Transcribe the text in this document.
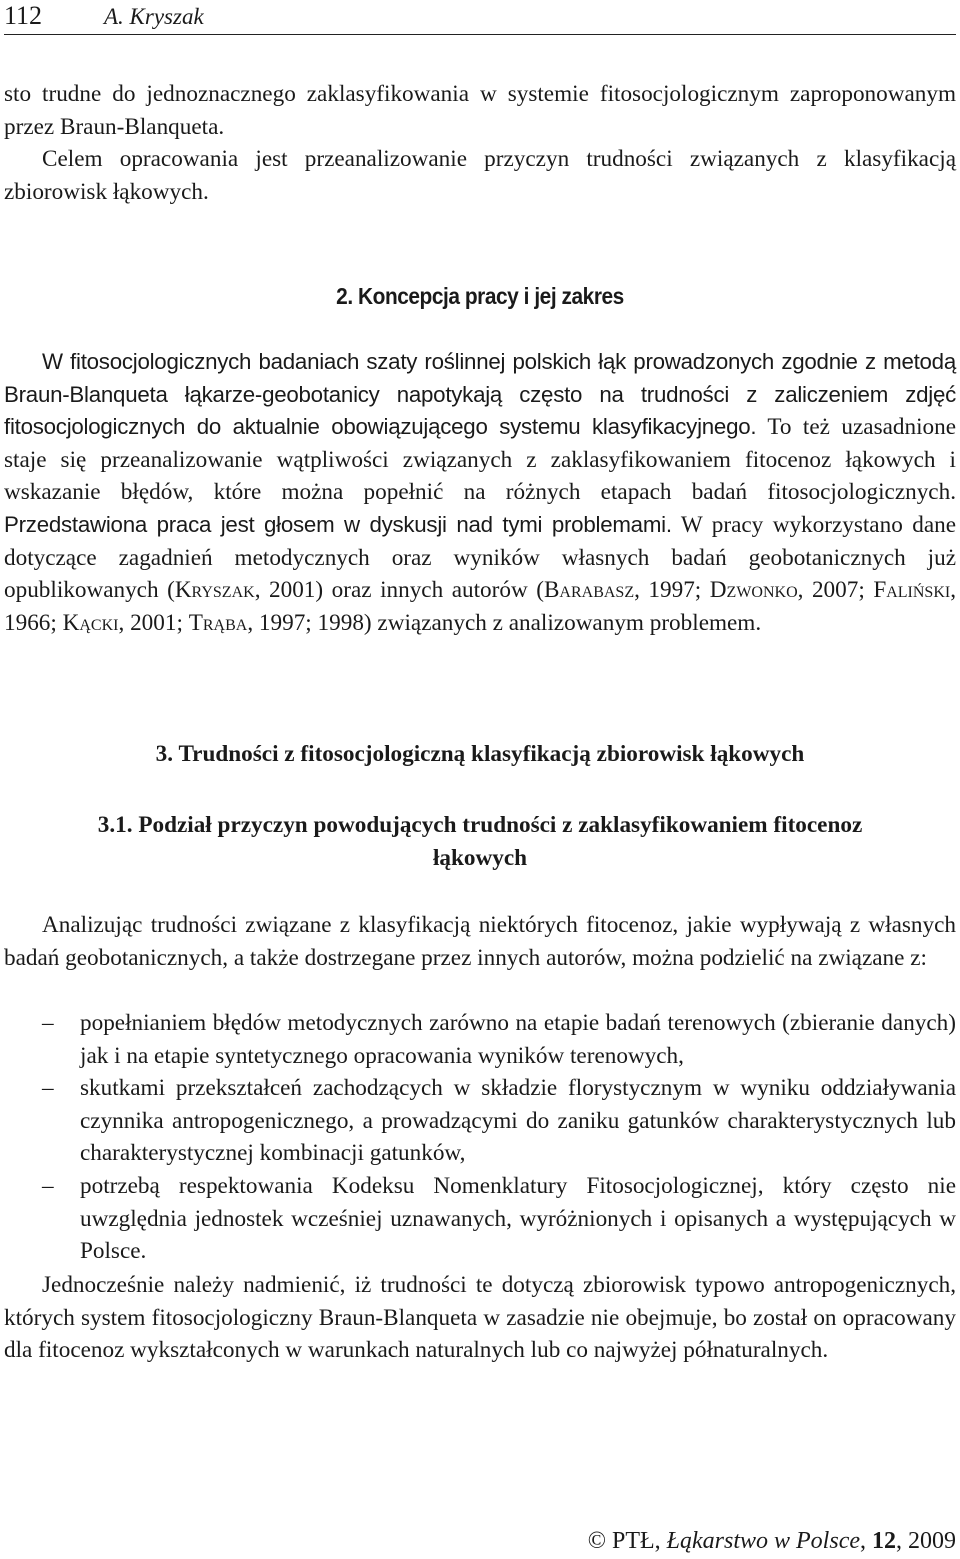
112	A. Kryszak

sto trudne do jednoznacznego zaklasyfikowania w systemie fitosocjologicznym zaproponowanym przez Braun-Blanqueta.

Celem opracowania jest przeanalizowanie przyczyn trudności związanych z klasyfikacją zbiorowisk łąkowych.

2. Koncepcja pracy i jej zakres

W fitosocjologicznych badaniach szaty roślinnej polskich łąk prowadzonych zgodnie z metodą Braun-Blanqueta łąkarze-geobotanicy napotykają często na trudności z zaliczeniem zdjęć fitosocjologicznych do aktualnie obowiązującego systemu klasyfikacyjnego. To też uzasadnione staje się przeanalizowanie wątpliwości związanych z zaklasyfikowaniem fitocenoz łąkowych i wskazanie błędów, które można popełnić na różnych etapach badań fitosocjologicznych. Przedstawiona praca jest głosem w dyskusji nad tymi problemami. W pracy wykorzystano dane dotyczące zagadnień metodycznych oraz wyników własnych badań geobotanicznych już opublikowanych (Kryszak, 2001) oraz innych autorów (Barabasz, 1997; Dzwonko, 2007; Faliński, 1966; Kącki, 2001; Trąba, 1997; 1998) związanych z analizowanym problemem.

3. Trudności z fitosocjologiczną klasyfikacją zbiorowisk łąkowych
3.1. Podział przyczyn powodujących trudności z zaklasyfikowaniem fitocenoz
łąkowych

Analizując trudności związane z klasyfikacją niektórych fitocenoz, jakie wypływają z własnych badań geobotanicznych, a także dostrzegane przez innych autorów, można podzielić na związane z:

– popełnianiem błędów metodycznych zarówno na etapie badań terenowych (zbieranie danych) jak i na etapie syntetycznego opracowania wyników terenowych,
– skutkami przekształceń zachodzących w składzie florystycznym w wyniku oddziaływania czynnika antropogenicznego, a prowadzącymi do zaniku gatunków charakterystycznych lub charakterystycznej kombinacji gatunków,
– potrzebą respektowania Kodeksu Nomenklatury Fitosocjologicznej, który często nie uwzględnia jednostek wcześniej uznawanych, wyróżnionych i opisanych a występujących w Polsce.

Jednocześnie należy nadmienić, iż trudności te dotyczą zbiorowisk typowo antropogenicznych, których system fitosocjologiczny Braun-Blanqueta w zasadzie nie obejmuje, bo został on opracowany dla fitocenoz wykształconych w warunkach naturalnych lub co najwyżej półnaturalnych.

© PTŁ, Łąkarstwo w Polsce, 12, 2009
